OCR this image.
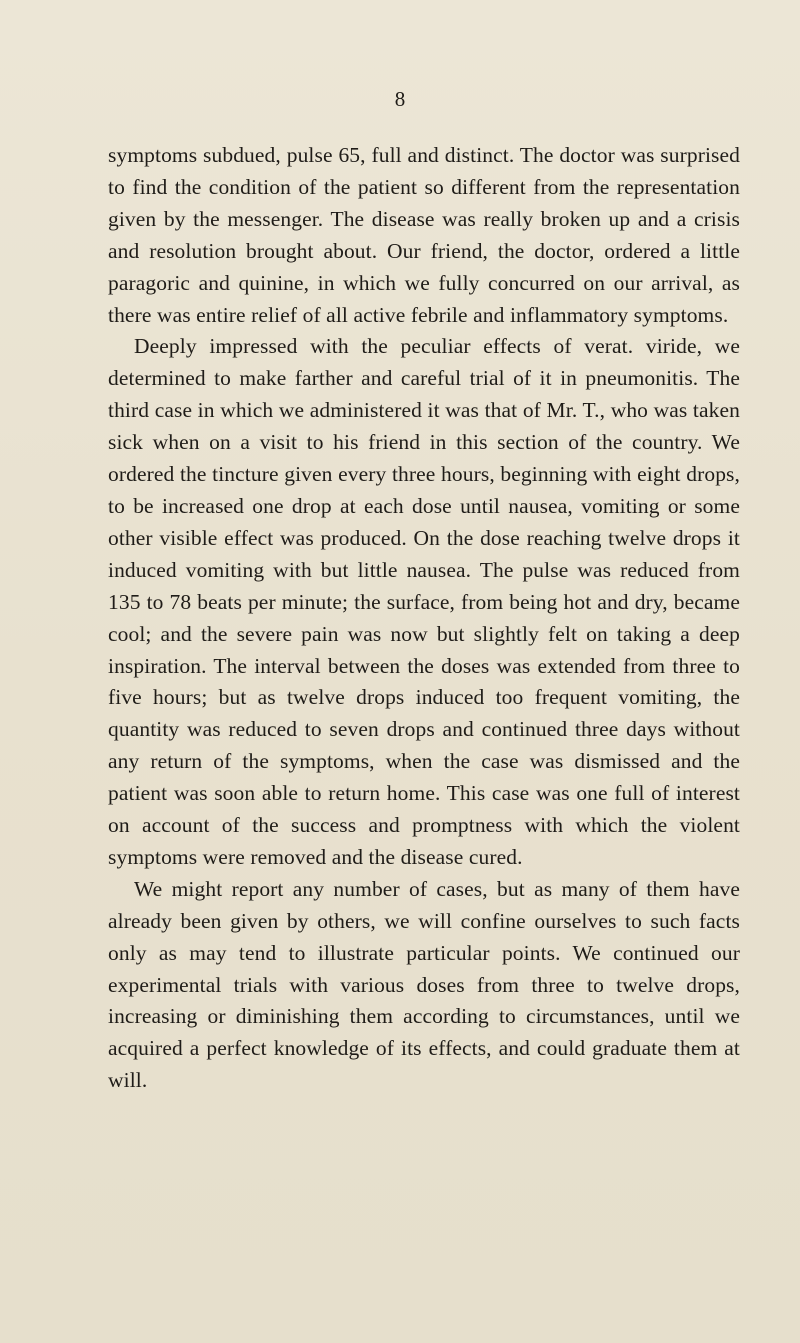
8

symptoms subdued, pulse 65, full and distinct. The doctor was surprised to find the condition of the patient so different from the representation given by the messenger. The disease was really broken up and a crisis and resolution brought about. Our friend, the doctor, ordered a little paragoric and quinine, in which we fully concurred on our arrival, as there was entire relief of all active febrile and inflammatory symptoms.

Deeply impressed with the peculiar effects of verat. viride, we determined to make farther and careful trial of it in pneumonitis. The third case in which we administered it was that of Mr. T., who was taken sick when on a visit to his friend in this section of the country. We ordered the tincture given every three hours, beginning with eight drops, to be increased one drop at each dose until nausea, vomiting or some other visible effect was produced. On the dose reaching twelve drops it induced vomiting with but little nausea. The pulse was reduced from 135 to 78 beats per minute; the surface, from being hot and dry, became cool; and the severe pain was now but slightly felt on taking a deep inspiration. The interval between the doses was extended from three to five hours; but as twelve drops induced too frequent vomiting, the quantity was reduced to seven drops and continued three days without any return of the symptoms, when the case was dismissed and the patient was soon able to return home. This case was one full of interest on account of the success and promptness with which the violent symptoms were removed and the disease cured.

We might report any number of cases, but as many of them have already been given by others, we will confine ourselves to such facts only as may tend to illustrate particular points. We continued our experimental trials with various doses from three to twelve drops, increasing or diminishing them according to circumstances, until we acquired a perfect knowledge of its effects, and could graduate them at will.
